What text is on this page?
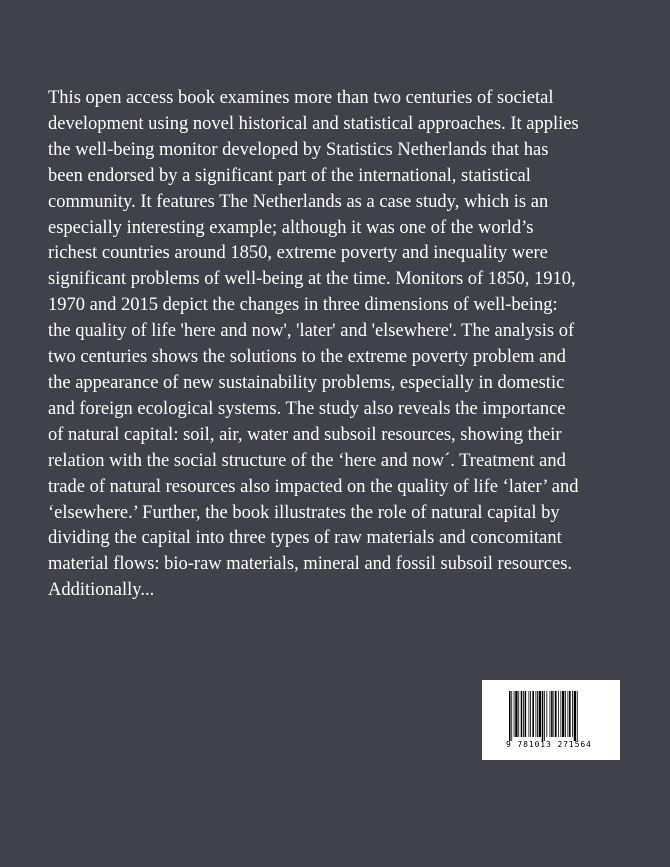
This open access book examines more than two centuries of societal
development using novel historical and statistical approaches. It applies
the well-being monitor developed by Statistics Netherlands that has
been endorsed by a significant part of the international, statistical
community. It features The Netherlands as a case study, which is an
especially interesting example; although it was one of the world’s
richest countries around 1850, extreme poverty and inequality were
significant problems of well-being at the time. Monitors of 1850, 1910,
1970 and 2015 depict the changes in three dimensions of well-being:
the quality of life 'here and now', 'later' and 'elsewhere'. The analysis of
two centuries shows the solutions to the extreme poverty problem and
the appearance of new sustainability problems, especially in domestic
and foreign ecological systems. The study also reveals the importance
of natural capital: soil, air, water and subsoil resources, showing their
relation with the social structure of the ‘here and now´. Treatment and
trade of natural resources also impacted on the quality of life ‘later’ and
‘elsewhere.’ Further, the book illustrates the role of natural capital by
dividing the capital into three types of raw materials and concomitant
material flows: bio-raw materials, mineral and fossil subsoil resources.
Additionally...
9 781013 271564
